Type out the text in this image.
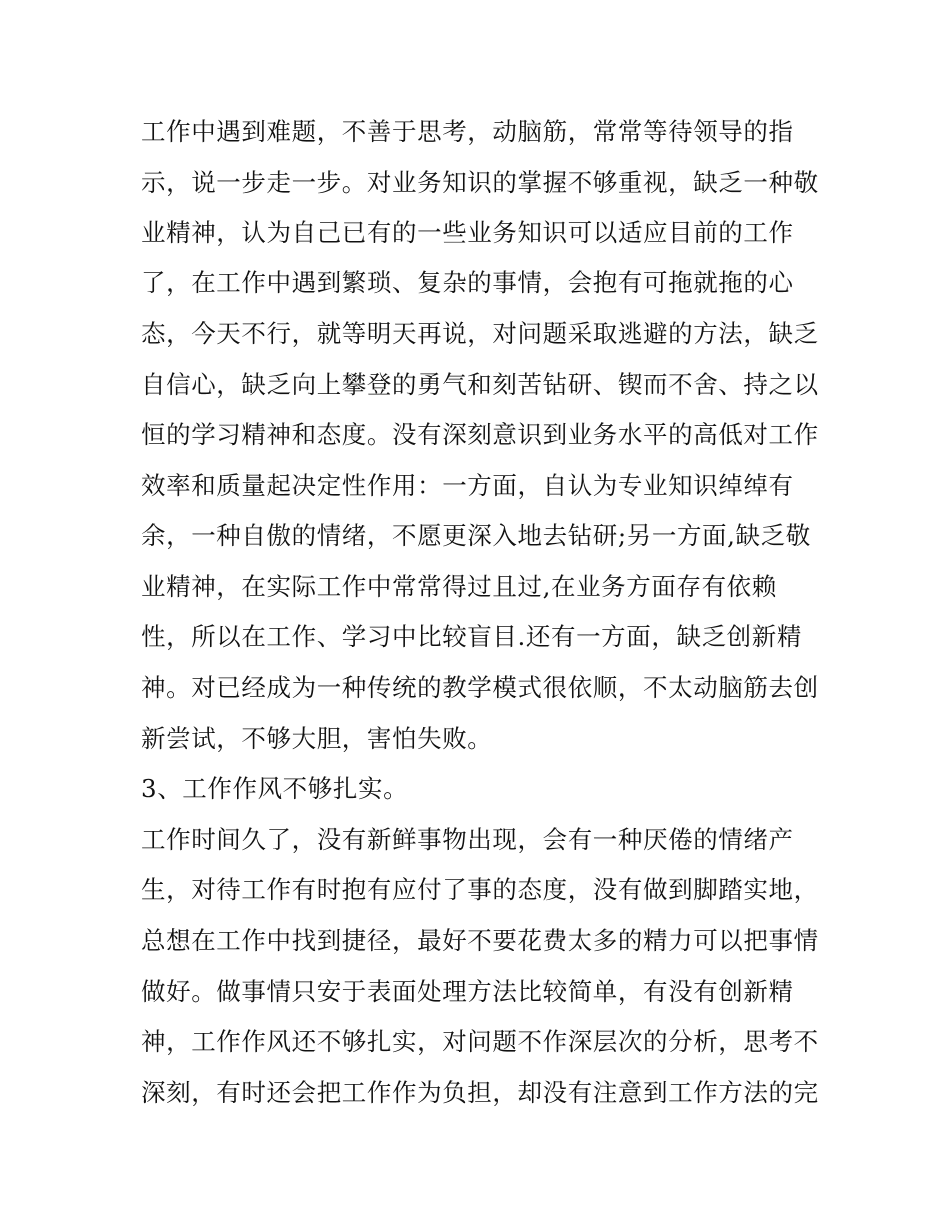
工作中遇到难题，不善于思考，动脑筋，常常等待领导的指
示，说一步走一步。对业务知识的掌握不够重视，缺乏一种敬
业精神，认为自己已有的一些业务知识可以适应目前的工作
了，在工作中遇到繁琐、复杂的事情，会抱有可拖就拖的心
态，今天不行，就等明天再说，对问题采取逃避的方法，缺乏
自信心，缺乏向上攀登的勇气和刻苦钻研、锲而不舍、持之以
恒的学习精神和态度。没有深刻意识到业务水平的高低对工作
效率和质量起决定性作用：一方面，自认为专业知识绰绰有
余，一种自傲的情绪，不愿更深入地去钻研;另一方面,缺乏敬
业精神，在实际工作中常常得过且过,在业务方面存有依赖
性，所以在工作、学习中比较盲目.还有一方面，缺乏创新精
神。对已经成为一种传统的教学模式很依顺，不太动脑筋去创
新尝试，不够大胆，害怕失败。
3、工作作风不够扎实。
工作时间久了，没有新鲜事物出现，会有一种厌倦的情绪产
生，对待工作有时抱有应付了事的态度，没有做到脚踏实地，
总想在工作中找到捷径，最好不要花费太多的精力可以把事情
做好。做事情只安于表面处理方法比较简单，有没有创新精
神，工作作风还不够扎实，对问题不作深层次的分析，思考不
深刻，有时还会把工作作为负担，却没有注意到工作方法的完
